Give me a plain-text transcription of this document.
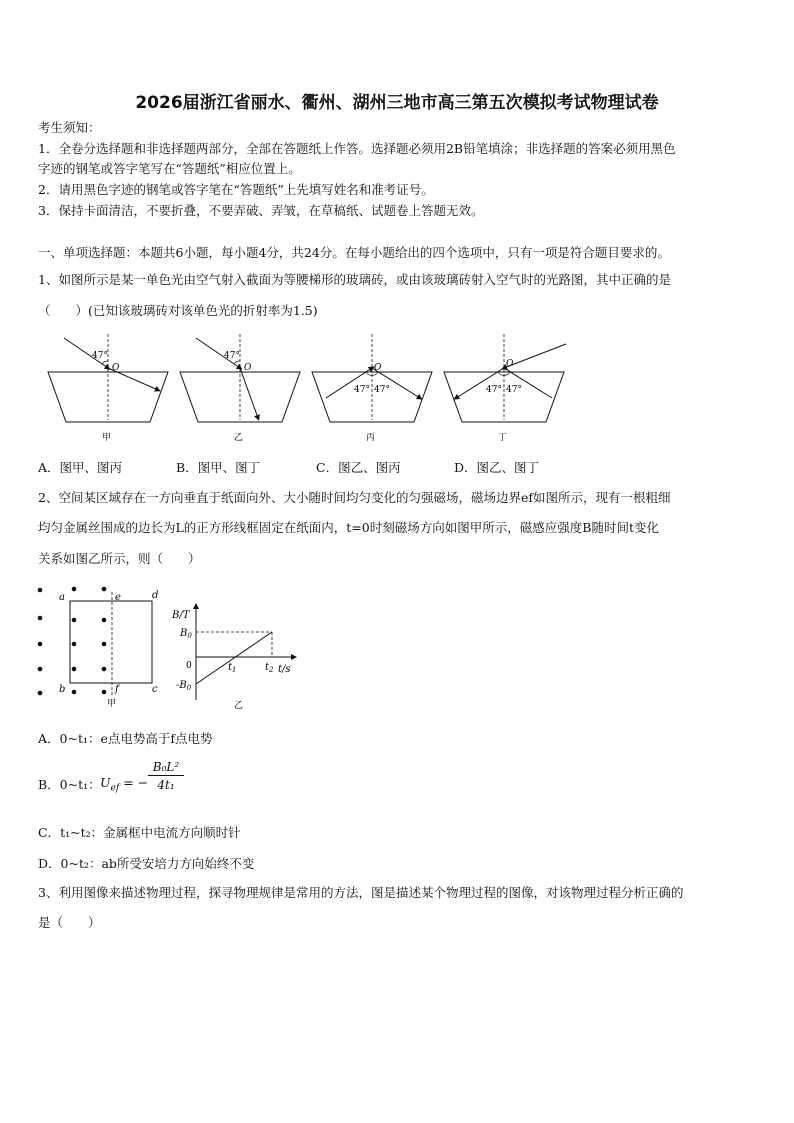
2026届浙江省丽水、衢州、湖州三地市高三第五次模拟考试物理试卷
考生须知：
1．全卷分选择题和非选择题两部分，全部在答题纸上作答。选择题必须用2B铅笔填涂；非选择题的答案必须用黑色
字迹的钢笔或答字笔写在“答题纸”相应位置上。
2．请用黑色字迹的钢笔或答字笔在“答题纸”上先填写姓名和准考证号。
3．保持卡面清洁，不要折叠，不要弄破、弄皱，在草稿纸、试题卷上答题无效。
一、单项选择题：本题共6小题，每小题4分，共24分。在每小题给出的四个选项中，只有一项是符合题目要求的。
1、如图所示是某一单色光由空气射入截面为等腰梯形的玻璃砖，或由该玻璃砖射入空气时的光路图，其中正确的是
（　　）(已知该玻璃砖对该单色光的折射率为1.5)
47°
O
甲
47°
O
乙
O
47° 47°
丙
O
47° 47°
丁
A．图甲、图丙	B．图甲、图丁	C．图乙、图丙	D．图乙、图丁
2、空间某区域存在一方向垂直于纸面向外、大小随时间均匀变化的匀强磁场，磁场边界ef如图所示，现有一根粗细
均匀金属丝围成的边长为L的正方形线框固定在纸面内，t=0时刻磁场方向如图甲所示，磁感应强度B随时间t变化
关系如图乙所示，则（　　）
a
b	c
d
e
f
甲
B/T
t/s
$B_0$
$-B_0$
0	$t_1$	$t_2$
乙
A．0~t₁：e点电势高于f点电势
B．0~t₁： $U_{ef}$ = − $\frac{\text{B₀L²}}{\text{4t₁}}$
C．t₁~t₂：金属框中电流方向顺时针
D．0~t₂：ab所受安培力方向始终不变
3、利用图像来描述物理过程，探寻物理规律是常用的方法，图是描述某个物理过程的图像，对该物理过程分析正确的
是（　　）
